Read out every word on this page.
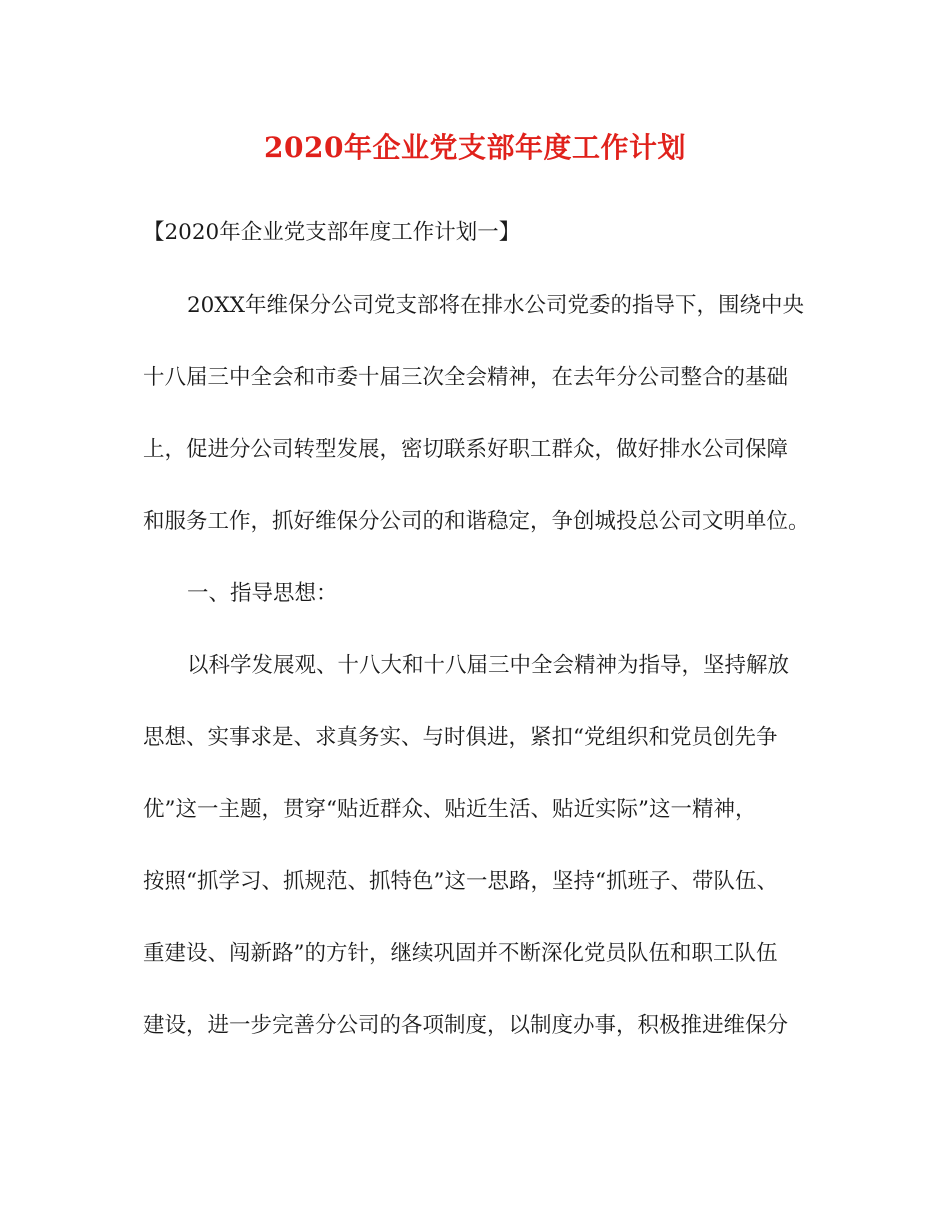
2020年企业党支部年度工作计划

【2020年企业党支部年度工作计划一】

20XX年维保分公司党支部将在排水公司党委的指导下，围绕中央

十八届三中全会和市委十届三次全会精神，在去年分公司整合的基础

上，促进分公司转型发展，密切联系好职工群众，做好排水公司保障

和服务工作，抓好维保分公司的和谐稳定，争创城投总公司文明单位。

一、指导思想：

以科学发展观、十八大和十八届三中全会精神为指导，坚持解放

思想、实事求是、求真务实、与时俱进，紧扣“党组织和党员创先争

优”这一主题，贯穿“贴近群众、贴近生活、贴近实际”这一精神，

按照“抓学习、抓规范、抓特色”这一思路，坚持“抓班子、带队伍、

重建设、闯新路”的方针，继续巩固并不断深化党员队伍和职工队伍

建设，进一步完善分公司的各项制度，以制度办事，积极推进维保分
